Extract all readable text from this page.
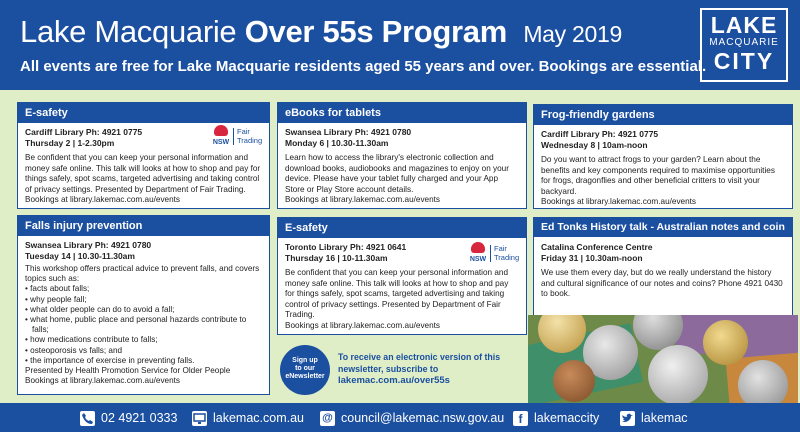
Lake Macquarie Over 55s Program May 2019
All events are free for Lake Macquarie residents aged 55 years and over. Bookings are essential.
LAKE
MACQUARIE
CITY
E-safety
Cardiff Library Ph: 4921 0775
Thursday 2 | 1-2.30pm

Be confident that you can keep your personal information and money safe online. This talk will looks at how to shop and pay for things safely, spot scams, targeted advertising and taking control of privacy settings. Presented by Department of Fair Trading. Bookings at library.lakemac.com.au/events

NSW
Fair
Trading
eBooks for tablets
Swansea Library Ph: 4921 0780
Monday 6 | 10.30-11.30am

Learn how to access the library's electronic collection and download books, audiobooks and magazines to enjoy on your device. Please have your tablet fully charged and your App Store or Play Store account details.

Bookings at library.lakemac.com.au/events

Frog-friendly gardens
Cardiff Library Ph: 4921 0775
Wednesday 8 | 10am-noon

Do you want to attract frogs to your garden? Learn about the benefits and key components required to maximise opportunities for frogs, dragonflies and other beneficial critters to visit your backyard.

Bookings at library.lakemac.com.au/events

Falls injury prevention
Swansea Library Ph: 4921 0780
Tuesday 14 | 10.30-11.30am

This workshop offers practical advice to prevent falls, and covers topics such as:

• facts about falls;
• why people fall;
• what older people can do to avoid a fall;
• what home, public place and personal hazards contribute to falls;
• how medications contribute to falls;
• osteoporosis vs falls; and
• the importance of exercise in preventing falls.

Presented by Health Promotion Service for Older People

Bookings at library.lakemac.com.au/events

E-safety
Toronto Library Ph: 4921 0641
Thursday 16 | 10-11.30am

Be confident that you can keep your personal information and money safe online. This talk will looks at how to shop and pay for things safely, spot scams, targeted advertising and taking control of privacy settings. Presented by Department of Fair Trading.

Bookings at library.lakemac.com.au/events

NSW
Fair
Trading
Ed Tonks History talk - Australian notes and coin
Catalina Conference Centre
Friday 31 | 10.30am-noon

We use them every day, but do we really understand the history and cultural significance of our notes and coins? Phone 4921 0430 to book.

Sign up
to our
eNewsletter
To receive an electronic version of this newsletter, subscribe to
lakemac.com.au/over55s
02 4921 0333	lakemac.com.au @ council@lakemac.nsw.gov.au	f lakemaccity	lakemac
